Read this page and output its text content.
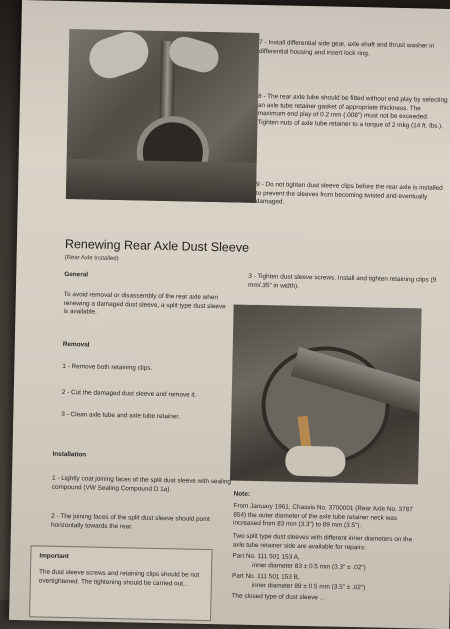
7 - Install differential side gear, axle shaft and thrust washer in differential housing and insert lock ring.

8 - The rear axle tube should be fitted without end play by selecting an axle tube retainer gasket of appropriate thickness. The maximum end play of 0.2 mm (.008") must not be exceeded. Tighten nuts of axle tube retainer to a torque of 2 mkg (14 ft. lbs.).

9 - Do not tighten dust sleeve clips before the rear axle is installed to prevent the sleeves from becoming twisted and eventually damaged.

Renewing Rear Axle Dust Sleeve
(Rear Axle Installed)
General
To avoid removal or disassembly of the rear axle when renewing a damaged dust sleeve, a split type dust sleeve is available.

3 - Tighten dust sleeve screws. Install and tighten retaining clips (9 mm/.35" in width).

Removal

1 - Remove both retaining clips.

2 - Cut the damaged dust sleeve and remove it.

3 - Clean axle tube and axle tube retainer.

Installation

1 - Lightly coat joining faces of the split dust sleeve with sealing compound (VW Sealing Compound D 1a).

2 - The joining faces of the split dust sleeve should point horizontally towards the rear.

Important
The dust sleeve screws and retaining clips should be not overtightened. The tightening should be carried out...
Note:
From January 1961, Chassis No. 3700001 (Rear Axle No. 3787 854) the outer diameter of the axle tube retainer neck was increased from 83 mm (3.3") to 89 mm (3.5").
Two split type dust sleeves with different inner diameters on the axle tube retainer side are available for repairs:

Part No. 111 501 153 A,

inner diameter 83 ± 0.5 mm (3.3" ± .02")

Part No. 111 501 153 B,

inner diameter 89 ± 0.5 mm (3.5" ± .02")

The closed type of dust sleeve ...
